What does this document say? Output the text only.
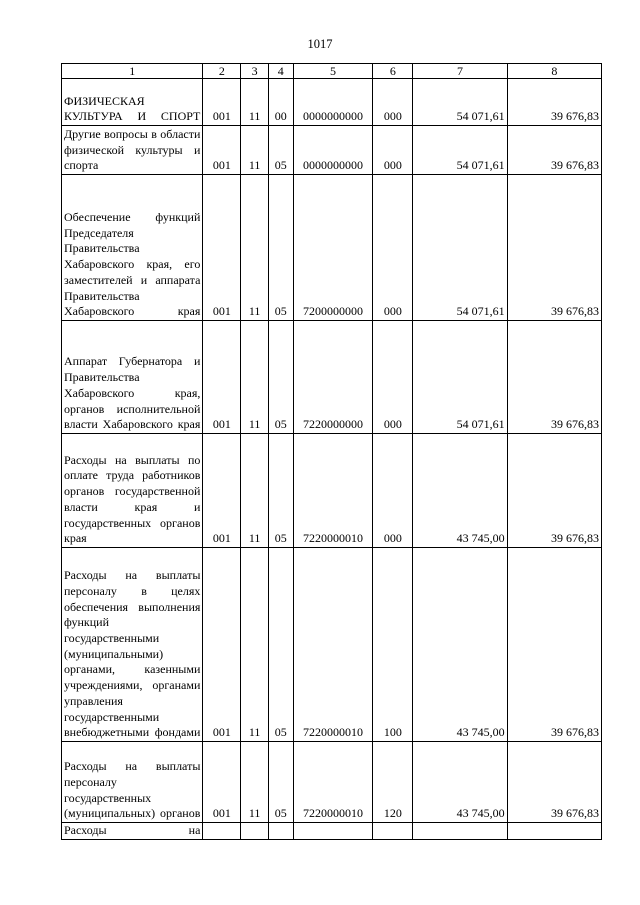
1017
1	2	3	4	5	6	7	8
ФИЗИЧЕСКАЯ КУЛЬТУРА И СПОРТ	001	11	00	0000000000	000	54 071,61	39 676,83
Другие вопросы в области физической культуры и спорта	001	11	05	0000000000	000	54 071,61	39 676,83
Обеспечение функций Председателя Правительства Хабаровского края, его заместителей и аппарата Правительства Хабаровского края	001	11	05	7200000000	000	54 071,61	39 676,83
Аппарат Губернатора и Правительства Хабаровского края, органов исполнительной власти Хабаровского края	001	11	05	7220000000	000	54 071,61	39 676,83
Расходы на выплаты по оплате труда работников органов государственной власти края и государственных органов края	001	11	05	7220000010	000	43 745,00	39 676,83
Расходы на выплаты персоналу в целях обеспечения выполнения функций государственными (муниципальными) органами, казенными учреждениями, органами управления государственными внебюджетными фондами	001	11	05	7220000010	100	43 745,00	39 676,83
Расходы на выплаты персоналу государственных (муниципальных) органов	001	11	05	7220000010	120	43 745,00	39 676,83
Расходы на							
